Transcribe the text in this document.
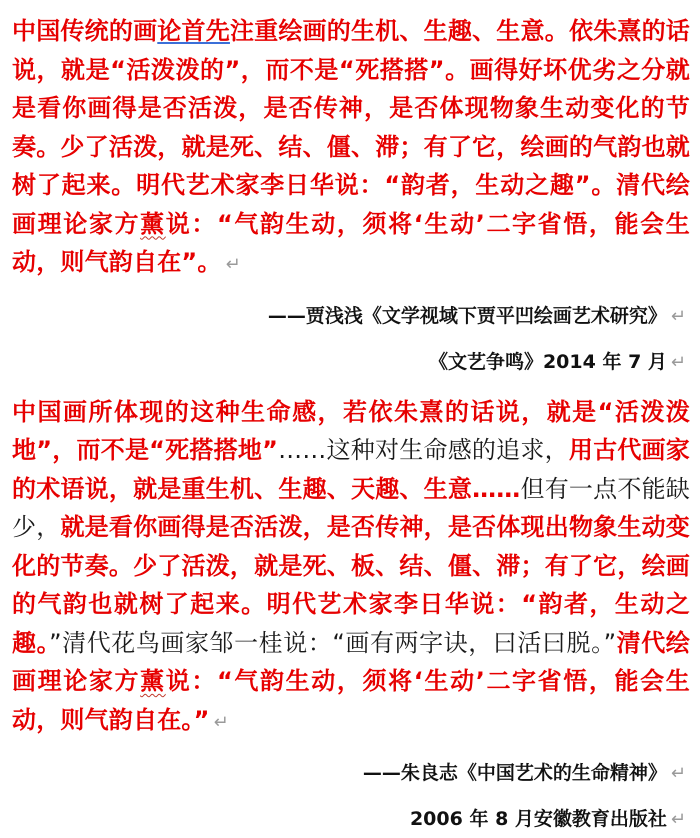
中国传统的画论首先注重绘画的生机、生趣、生意。依朱熹的话说，就是“活泼泼的”，而不是“死搭搭”。画得好坏优劣之分就是看你画得是否活泼，是否传神，是否体现物象生动变化的节奏。少了活泼，就是死、结、僵、滞；有了它，绘画的气韵也就树了起来。明代艺术家李日华说：“韵者，生动之趣”。清代绘画理论家方薰说：“气韵生动，须将‘生动’二字省悟，能会生动，则气韵自在”。 ↵

——贾浅浅《文学视域下贾平凹绘画艺术研究》 ↵

《文艺争鸣》2014 年 7 月 ↵

中国画所体现的这种生命感，若依朱熹的话说，就是“活泼泼地”，而不是“死搭搭地”……这种对生命感的追求，用古代画家的术语说，就是重生机、生趣、天趣、生意……但有一点不能缺少，就是看你画得是否活泼，是否传神，是否体现出物象生动变化的节奏。少了活泼，就是死、板、结、僵、滞；有了它，绘画的气韵也就树了起来。明代艺术家李日华说：“韵者，生动之趣。”清代花鸟画家邹一桂说：“画有两字诀，曰活曰脱。”清代绘画理论家方薰说：“气韵生动，须将‘生动’二字省悟，能会生动，则气韵自在。” ↵

——朱良志《中国艺术的生命精神》 ↵

2006 年 8 月安徽教育出版社 ↵
